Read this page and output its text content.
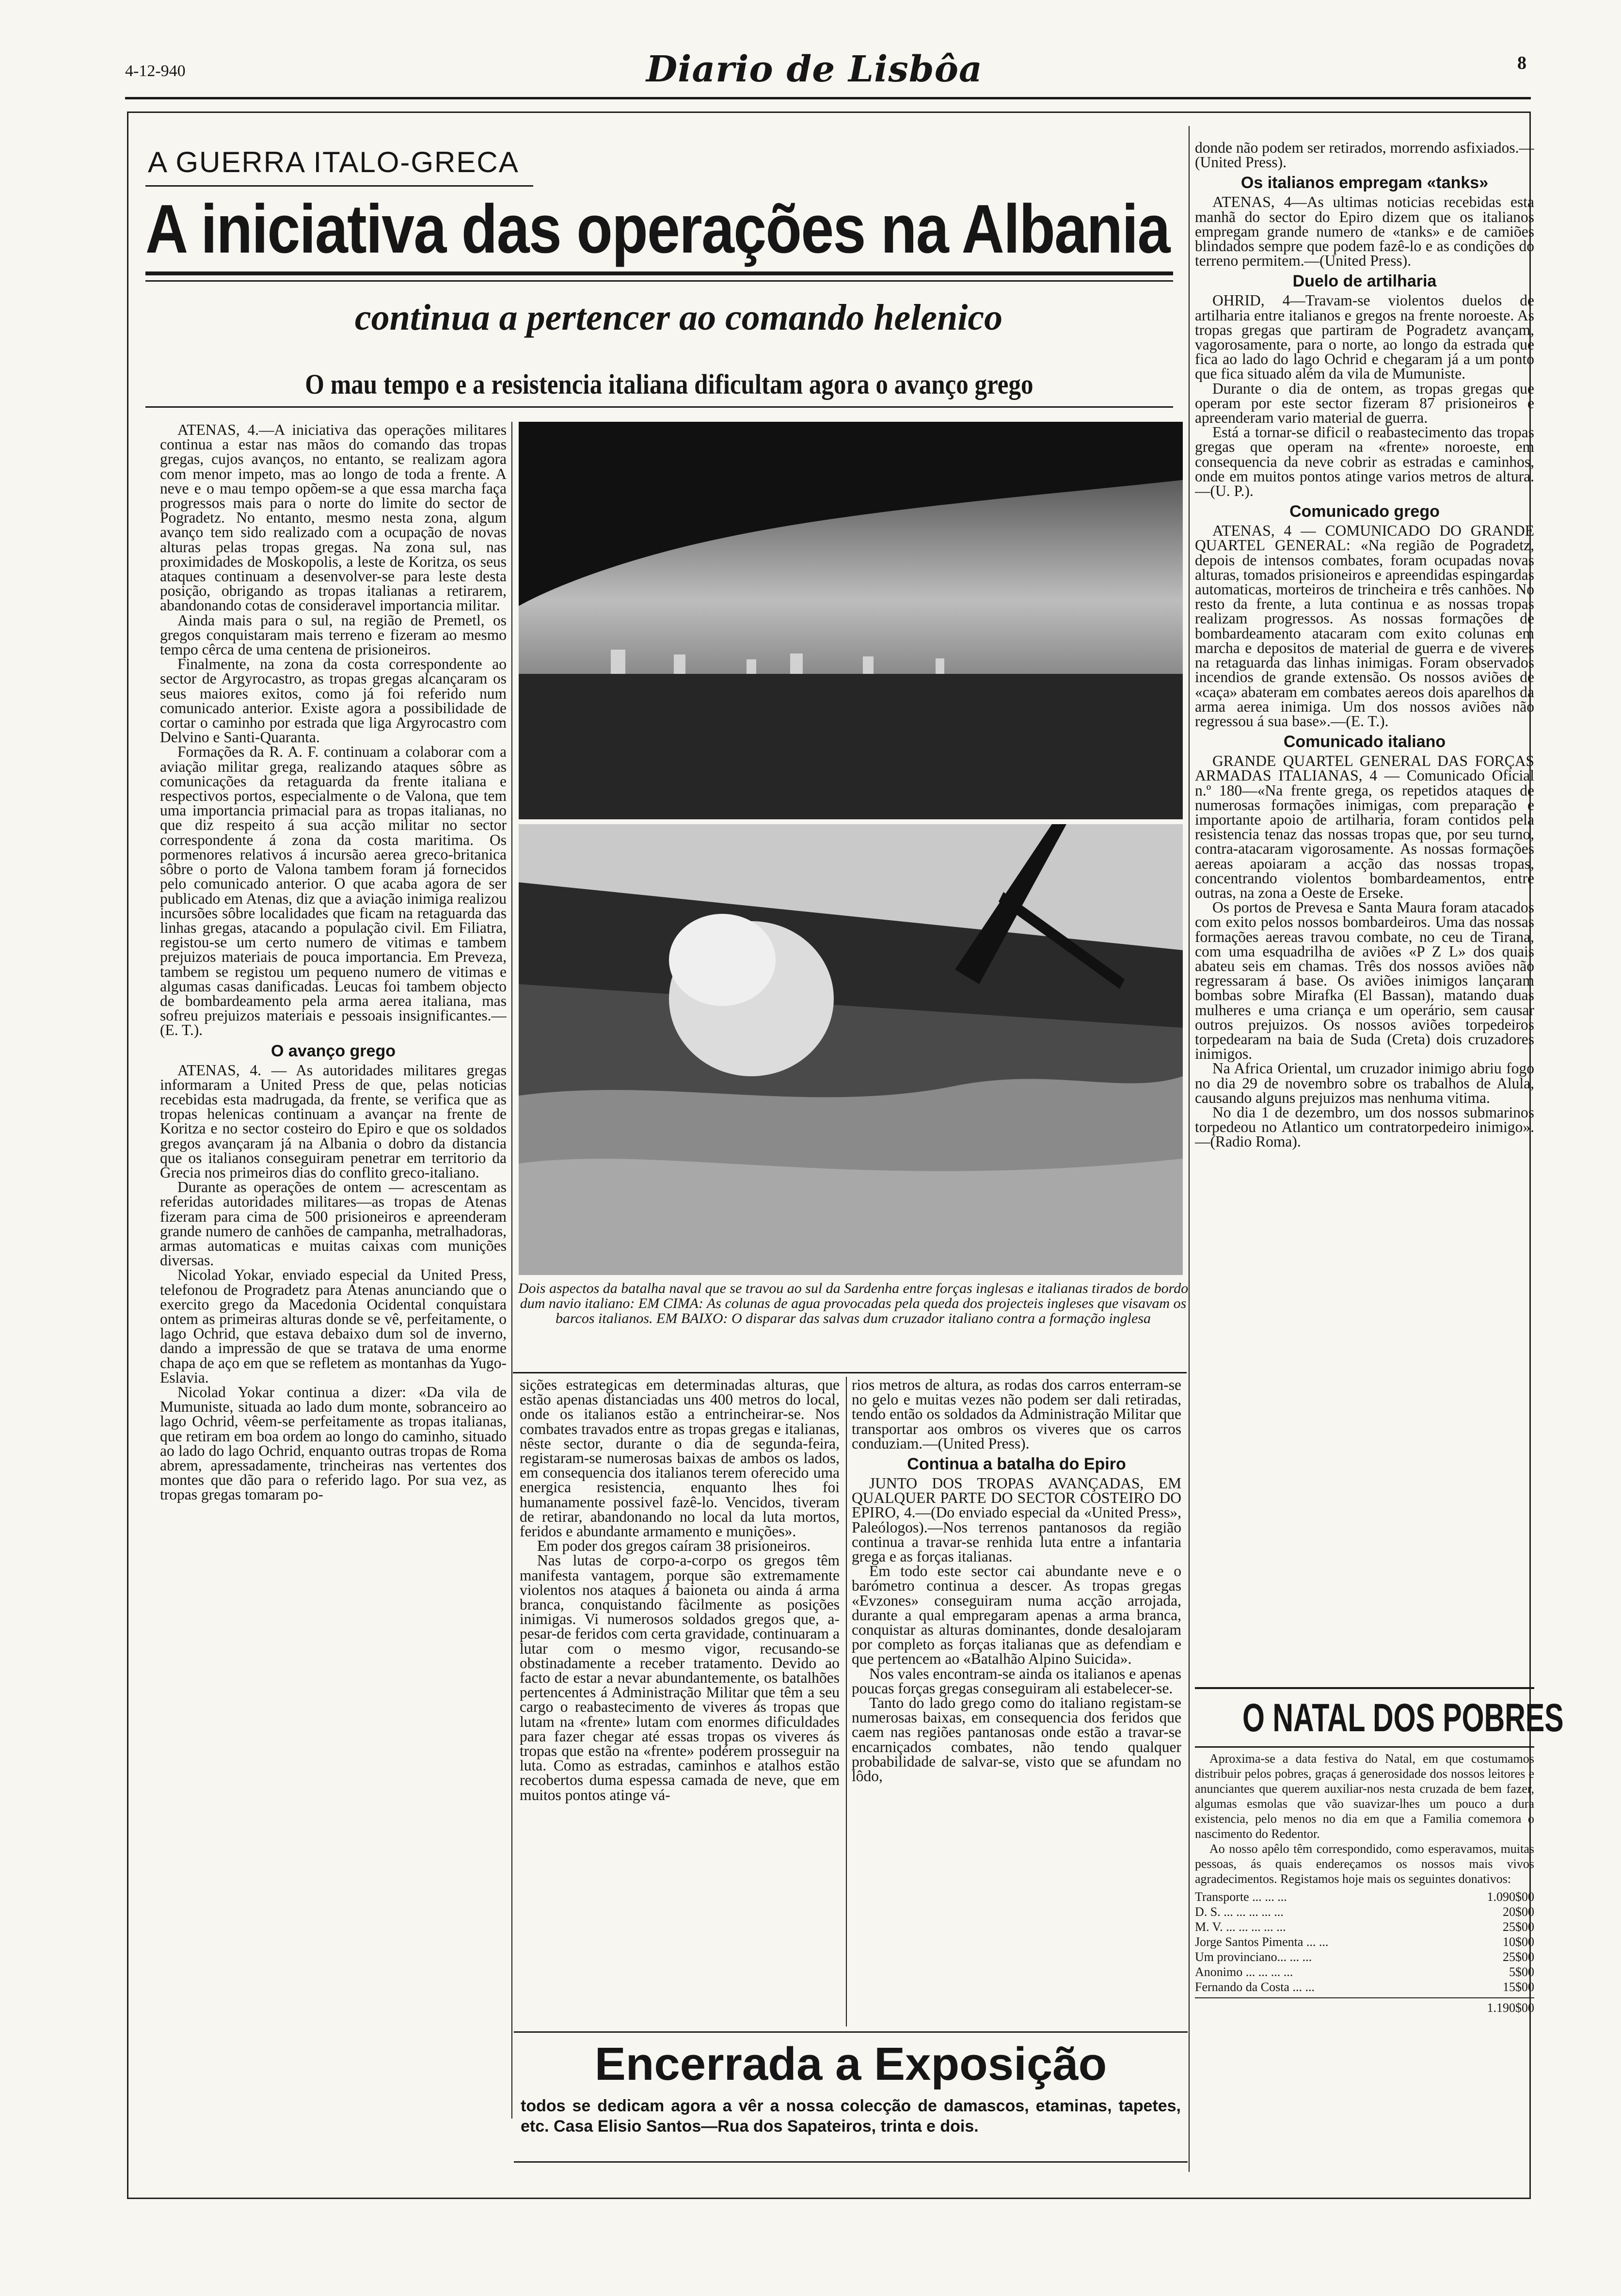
4-12-940	Diario de Lisbôa	8
A GUERRA ITALO-GRECA
A iniciativa das operações na Albania
continua a pertencer ao comando helenico
O mau tempo e a resistencia italiana dificultam agora o avanço grego

ATENAS, 4.—A iniciativa das operações militares continua a estar nas mãos do comando das tropas gregas, cujos avanços, no entanto, se realizam agora com menor impeto, mas ao longo de toda a frente. A neve e o mau tempo opõem-se a que essa marcha faça progressos mais para o norte do limite do sector de Pogradetz. No entanto, mesmo nesta zona, algum avanço tem sido realizado com a ocupação de novas alturas pelas tropas gregas. Na zona sul, nas proximidades de Moskopolis, a leste de Koritza, os seus ataques continuam a desenvolver-se para leste desta posição, obrigando as tropas italianas a retirarem, abandonando cotas de consideravel importancia militar.

Ainda mais para o sul, na região de Premetl, os gregos conquistaram mais terreno e fizeram ao mesmo tempo cêrca de uma centena de prisioneiros.

Finalmente, na zona da costa correspondente ao sector de Argyrocastro, as tropas gregas alcançaram os seus maiores exitos, como já foi referido num comunicado anterior. Existe agora a possibilidade de cortar o caminho por estrada que liga Argyrocastro com Delvino e Santi-Quaranta.

Formações da R. A. F. continuam a colaborar com a aviação militar grega, realizando ataques sôbre as comunicações da retaguarda da frente italiana e respectivos portos, especialmente o de Valona, que tem uma importancia primacial para as tropas italianas, no que diz respeito á sua acção militar no sector correspondente á zona da costa maritima. Os pormenores relativos á incursão aerea greco-britanica sôbre o porto de Valona tambem foram já fornecidos pelo comunicado anterior. O que acaba agora de ser publicado em Atenas, diz que a aviação inimiga realizou incursões sôbre localidades que ficam na retaguarda das linhas gregas, atacando a população civil. Em Filiatra, registou-se um certo numero de vitimas e tambem prejuizos materiais de pouca importancia. Em Preveza, tambem se registou um pequeno numero de vitimas e algumas casas danificadas. Leucas foi tambem objecto de bombardeamento pela arma aerea italiana, mas sofreu prejuizos materiais e pessoais insignificantes.—(E. T.).

O avanço grego

ATENAS, 4. — As autoridades militares gregas informaram a United Press de que, pelas noticias recebidas esta madrugada, da frente, se verifica que as tropas helenicas continuam a avançar na frente de Koritza e no sector costeiro do Epiro e que os soldados gregos avançaram já na Albania o dobro da distancia que os italianos conseguiram penetrar em territorio da Grecia nos primeiros dias do conflito greco-italiano.

Durante as operações de ontem — acrescentam as referidas autoridades militares—as tropas de Atenas fizeram para cima de 500 prisioneiros e apreenderam grande numero de canhões de campanha, metralhadoras, armas automaticas e muitas caixas com munições diversas.

Nicolad Yokar, enviado especial da United Press, telefonou de Progradetz para Atenas anunciando que o exercito grego da Macedonia Ocidental conquistara ontem as primeiras alturas donde se vê, perfeitamente, o lago Ochrid, que estava debaixo dum sol de inverno, dando a impressão de que se tratava de uma enorme chapa de aço em que se refletem as montanhas da Yugo-Eslavia.

Nicolad Yokar continua a dizer: «Da vila de Mumuniste, situada ao lado dum monte, sobranceiro ao lago Ochrid, vêem-se perfeitamente as tropas italianas, que retiram em boa ordem ao longo do caminho, situado ao lado do lago Ochrid, enquanto outras tropas de Roma abrem, apressadamente, trincheiras nas vertentes dos montes que dão para o referido lago. Por sua vez, as tropas gregas tomaram po-

Dois aspectos da batalha naval que se travou ao sul da Sardenha entre forças inglesas e italianas tirados de bordo dum navio italiano: EM CIMA: As colunas de agua provocadas pela queda dos projecteis ingleses que visavam os barcos italianos. EM BAIXO: O disparar das salvas dum cruzador italiano contra a formação inglesa

sições estrategicas em determinadas alturas, que estão apenas distanciadas uns 400 metros do local, onde os italianos estão a entrincheirar-se. Nos combates travados entre as tropas gregas e italianas, nêste sector, durante o dia de segunda-feira, registaram-se numerosas baixas de ambos os lados, em consequencia dos italianos terem oferecido uma energica resistencia, enquanto lhes foi humanamente possivel fazê-lo. Vencidos, tiveram de retirar, abandonando no local da luta mortos, feridos e abundante armamento e munições».

Em poder dos gregos caíram 38 prisioneiros.

Nas lutas de corpo-a-corpo os gregos têm manifesta vantagem, porque são extremamente violentos nos ataques á baioneta ou ainda á arma branca, conquistando fàcilmente as posições inimigas. Vi numerosos soldados gregos que, a-pesar-de feridos com certa gravidade, continuaram a lutar com o mesmo vigor, recusando-se obstinadamente a receber tratamento. Devido ao facto de estar a nevar abundantemente, os batalhões pertencentes á Administração Militar que têm a seu cargo o reabastecimento de viveres ás tropas que lutam na «frente» lutam com enormes dificuldades para fazer chegar até essas tropas os viveres ás tropas que estão na «frente» podérem prosseguir na luta. Como as estradas, caminhos e atalhos estão recobertos duma espessa camada de neve, que em muitos pontos atinge vá-

rios metros de altura, as rodas dos carros enterram-se no gelo e muitas vezes não podem ser dali retiradas, tendo então os soldados da Administração Militar que transportar aos ombros os viveres que os carros conduziam.—(United Press).

Continua a batalha do Epiro

JUNTO DOS TROPAS AVANÇADAS, EM QUALQUER PARTE DO SECTOR COSTEIRO DO EPIRO, 4.—(Do enviado especial da «United Press», Paleólogos).—Nos terrenos pantanosos da região continua a travar-se renhida luta entre a infantaria grega e as forças italianas.

Em todo este sector cai abundante neve e o barómetro continua a descer. As tropas gregas «Evzones» conseguiram numa acção arrojada, durante a qual empregaram apenas a arma branca, conquistar as alturas dominantes, donde desalojaram por completo as forças italianas que as defendiam e que pertencem ao «Batalhão Alpino Suicida».

Nos vales encontram-se ainda os italianos e apenas poucas forças gregas conseguiram ali estabelecer-se.

Tanto do lado grego como do italiano registam-se numerosas baixas, em consequencia dos feridos que caem nas regiões pantanosas onde estão a travar-se encarniçados combates, não tendo qualquer probabilidade de salvar-se, visto que se afundam no lôdo,

Encerrada a Exposição
todos se dedicam agora a vêr a nossa colecção de damascos, etaminas, tapetes, etc. Casa Elisio Santos—Rua dos Sapateiros, trinta e dois.

donde não podem ser retirados, morrendo asfixiados.—(United Press).

Os italianos empregam «tanks»

ATENAS, 4—As ultimas noticias recebidas esta manhã do sector do Epiro dizem que os italianos empregam grande numero de «tanks» e de camiões blindados sempre que podem fazê-lo e as condições do terreno permitem.—(United Press).

Duelo de artilharia

OHRID, 4—Travam-se violentos duelos de artilharia entre italianos e gregos na frente noroeste. As tropas gregas que partiram de Pogradetz avançam, vagorosamente, para o norte, ao longo da estrada que fica ao lado do lago Ochrid e chegaram já a um ponto que fica situado além da vila de Mumuniste.

Durante o dia de ontem, as tropas gregas que operam por este sector fizeram 87 prisioneiros e apreenderam vario material de guerra.

Está a tornar-se dificil o reabastecimento das tropas gregas que operam na «frente» noroeste, em consequencia da neve cobrir as estradas e caminhos, onde em muitos pontos atinge varios metros de altura.—(U. P.).

Comunicado grego

ATENAS, 4 — COMUNICADO DO GRANDE QUARTEL GENERAL: «Na região de Pogradetz, depois de intensos combates, foram ocupadas novas alturas, tomados prisioneiros e apreendidas espingardas automaticas, morteiros de trincheira e três canhões. No resto da frente, a luta continua e as nossas tropas realizam progressos. As nossas formações de bombardeamento atacaram com exito colunas em marcha e depositos de material de guerra e de viveres na retaguarda das linhas inimigas. Foram observados incendios de grande extensão. Os nossos aviões de «caça» abateram em combates aereos dois aparelhos da arma aerea inimiga. Um dos nossos aviões não regressou á sua base».—(E. T.).

Comunicado italiano

GRANDE QUARTEL GENERAL DAS FORÇAS ARMADAS ITALIANAS, 4 — Comunicado Oficial n.º 180—«Na frente grega, os repetidos ataques de numerosas formações inimigas, com preparação e importante apoio de artilharia, foram contidos pela resistencia tenaz das nossas tropas que, por seu turno, contra-atacaram vigorosamente. As nossas formações aereas apoiaram a acção das nossas tropas, concentrando violentos bombardeamentos, entre outras, na zona a Oeste de Erseke.

Os portos de Prevesa e Santa Maura foram atacados com exito pelos nossos bombardeiros. Uma das nossas formações aereas travou combate, no ceu de Tirana, com uma esquadrilha de aviões «P Z L» dos quais abateu seis em chamas. Três dos nossos aviões não regressaram á base. Os aviões inimigos lançaram bombas sobre Mirafka (El Bassan), matando duas mulheres e uma criança e um operário, sem causar outros prejuizos. Os nossos aviões torpedeiros torpedearam na baia de Suda (Creta) dois cruzadores inimigos.

Na Africa Oriental, um cruzador inimigo abriu fogo no dia 29 de novembro sobre os trabalhos de Alula, causando alguns prejuizos mas nenhuma vitima.

No dia 1 de dezembro, um dos nossos submarinos torpedeou no Atlantico um contratorpedeiro inimigo».—(Radio Roma).

O NATAL DOS POBRES

Aproxima-se a data festiva do Natal, em que costumamos distribuir pelos pobres, graças á generosidade dos nossos leitores e anunciantes que querem auxiliar-nos nesta cruzada de bem fazer, algumas esmolas que vão suavizar-lhes um pouco a dura existencia, pelo menos no dia em que a Familia comemora o nascimento do Redentor.

Ao nosso apêlo têm correspondido, como esperavamos, muitas pessoas, ás quais endereçamos os nossos mais vivos agradecimentos. Registamos hoje mais os seguintes donativos:

Transporte ... ... ...	1.090$00
D. S. ... ... ... ... ...	20$00
M. V. ... ... ... ... ...	25$00
Jorge Santos Pimenta ... ...	10$00
Um provinciano... ... ...	25$00
Anonimo ... ... ... ...	5$00
Fernando da Costa ... ...	15$00
1.190$00
